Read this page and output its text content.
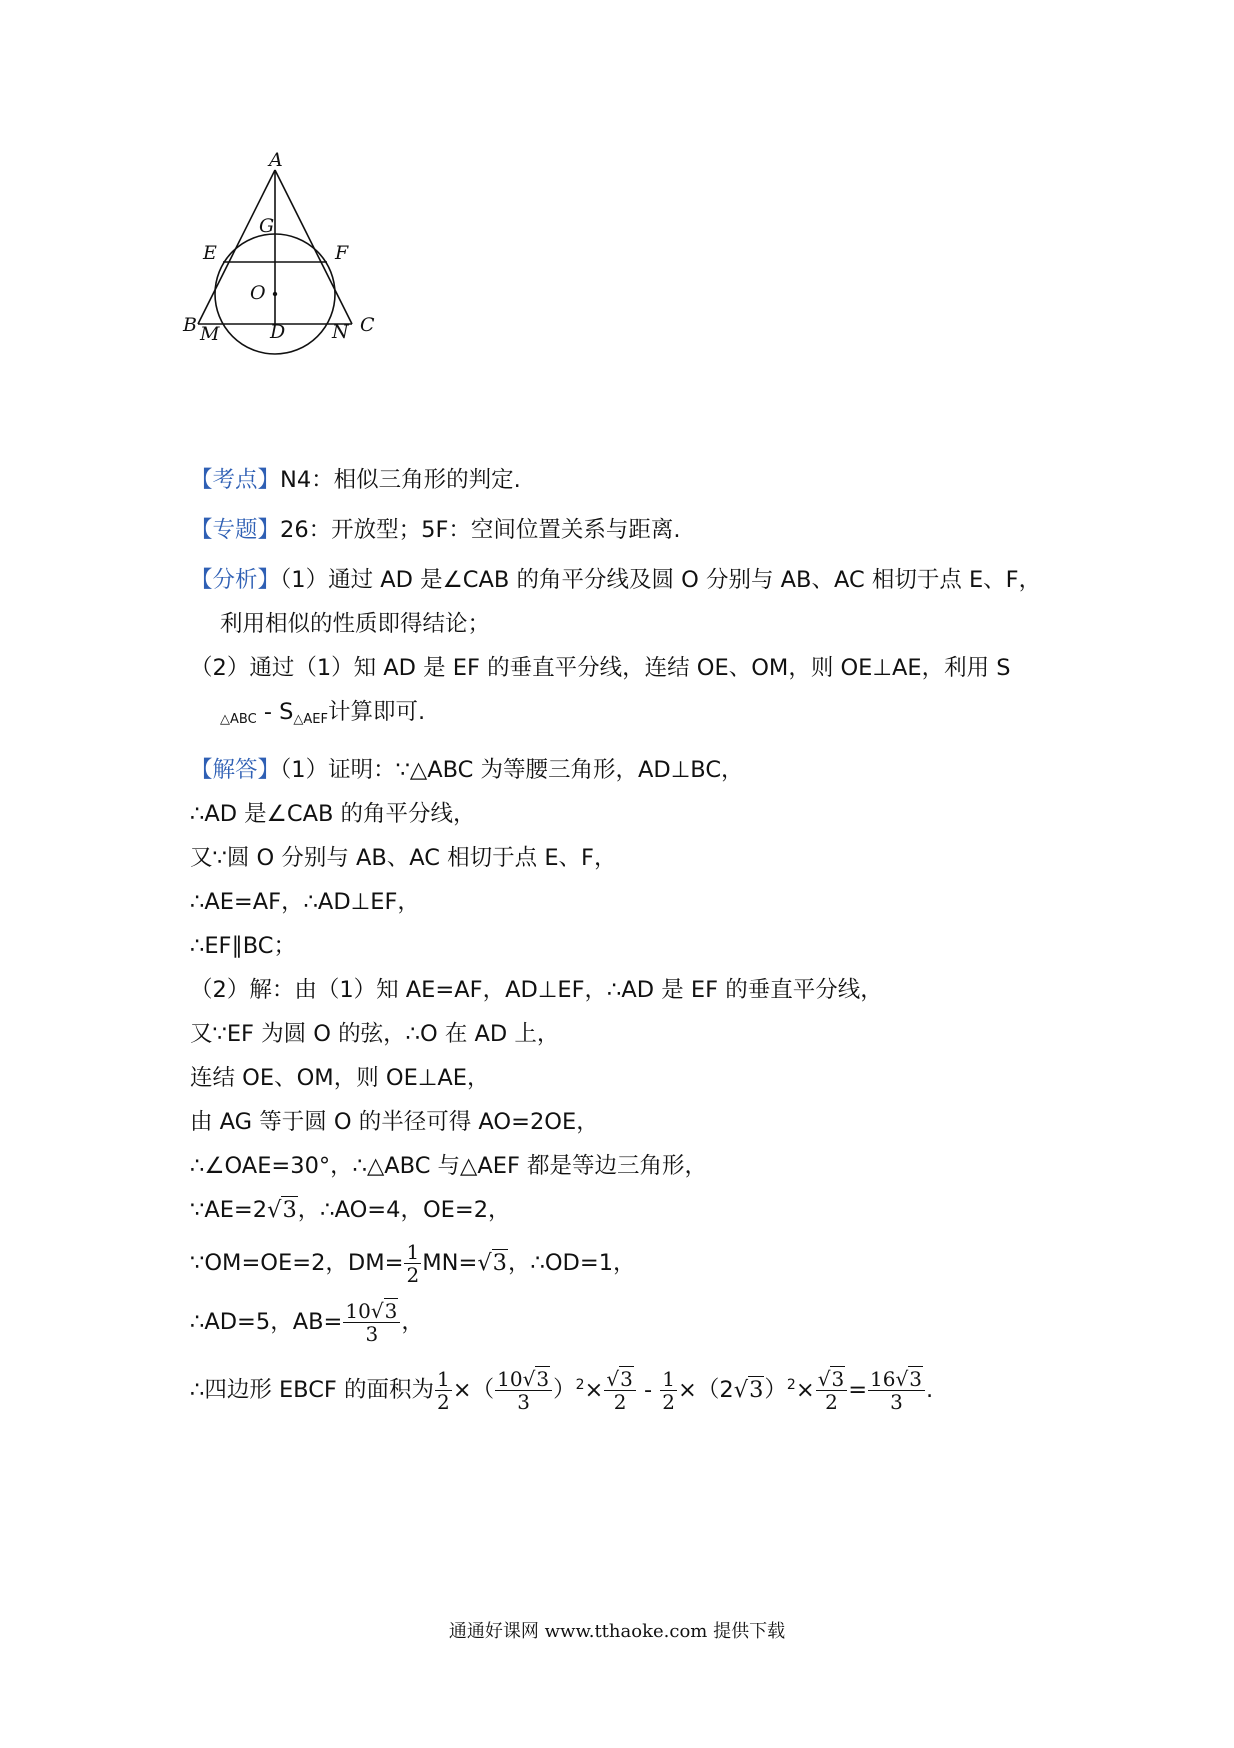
A
G
E	F
O
B M	D N C
【考点】N4：相似三角形的判定.
【专题】26：开放型；5F：空间位置关系与距离.
【分析】（1）通过 AD 是∠CAB 的角平分线及圆 O 分别与 AB、AC 相切于点 E、F，
利用相似的性质即得结论；
（2）通过（1）知 AD 是 EF 的垂直平分线，连结 OE、OM，则 OE⊥AE，利用 S
$_{\triangle ABC} - S_{\triangle AEF}$计算即可.
【解答】（1）证明：∵△ABC 为等腰三角形，AD⊥BC，
∴AD 是∠CAB 的角平分线，
又∵圆 O 分别与 AB、AC 相切于点 E、F，
∴AE=AF，∴AD⊥EF，
∴EF∥BC；
（2）解：由（1）知 AE=AF，AD⊥EF，∴AD 是 EF 的垂直平分线，
又∵EF 为圆 O 的弦，∴O 在 AD 上，
连结 OE、OM，则 OE⊥AE，
由 AG 等于圆 O 的半径可得 AO=2OE，
∴∠OAE=30°，∴△ABC 与△AEF 都是等边三角形，
∵AE=2√3，∴AO=4，OE=2，
∵OM=OE=2，$DM= \frac{1}{2} MN=√3$，∴OD=1，
∴AD=5，$AB= \frac{10√3}{3}$ ，
∴四边形 EBCF 的面积为 $\frac{1}{2}$ ×（ $\frac{10√3}{3} )^2\times \frac{√3}{2} - \frac{1}{2} \times(2√3)^2\times \frac{√3}{2} = \frac{16√3}{3}$ .
通通好课网 www.tthaoke.com 提供下载
